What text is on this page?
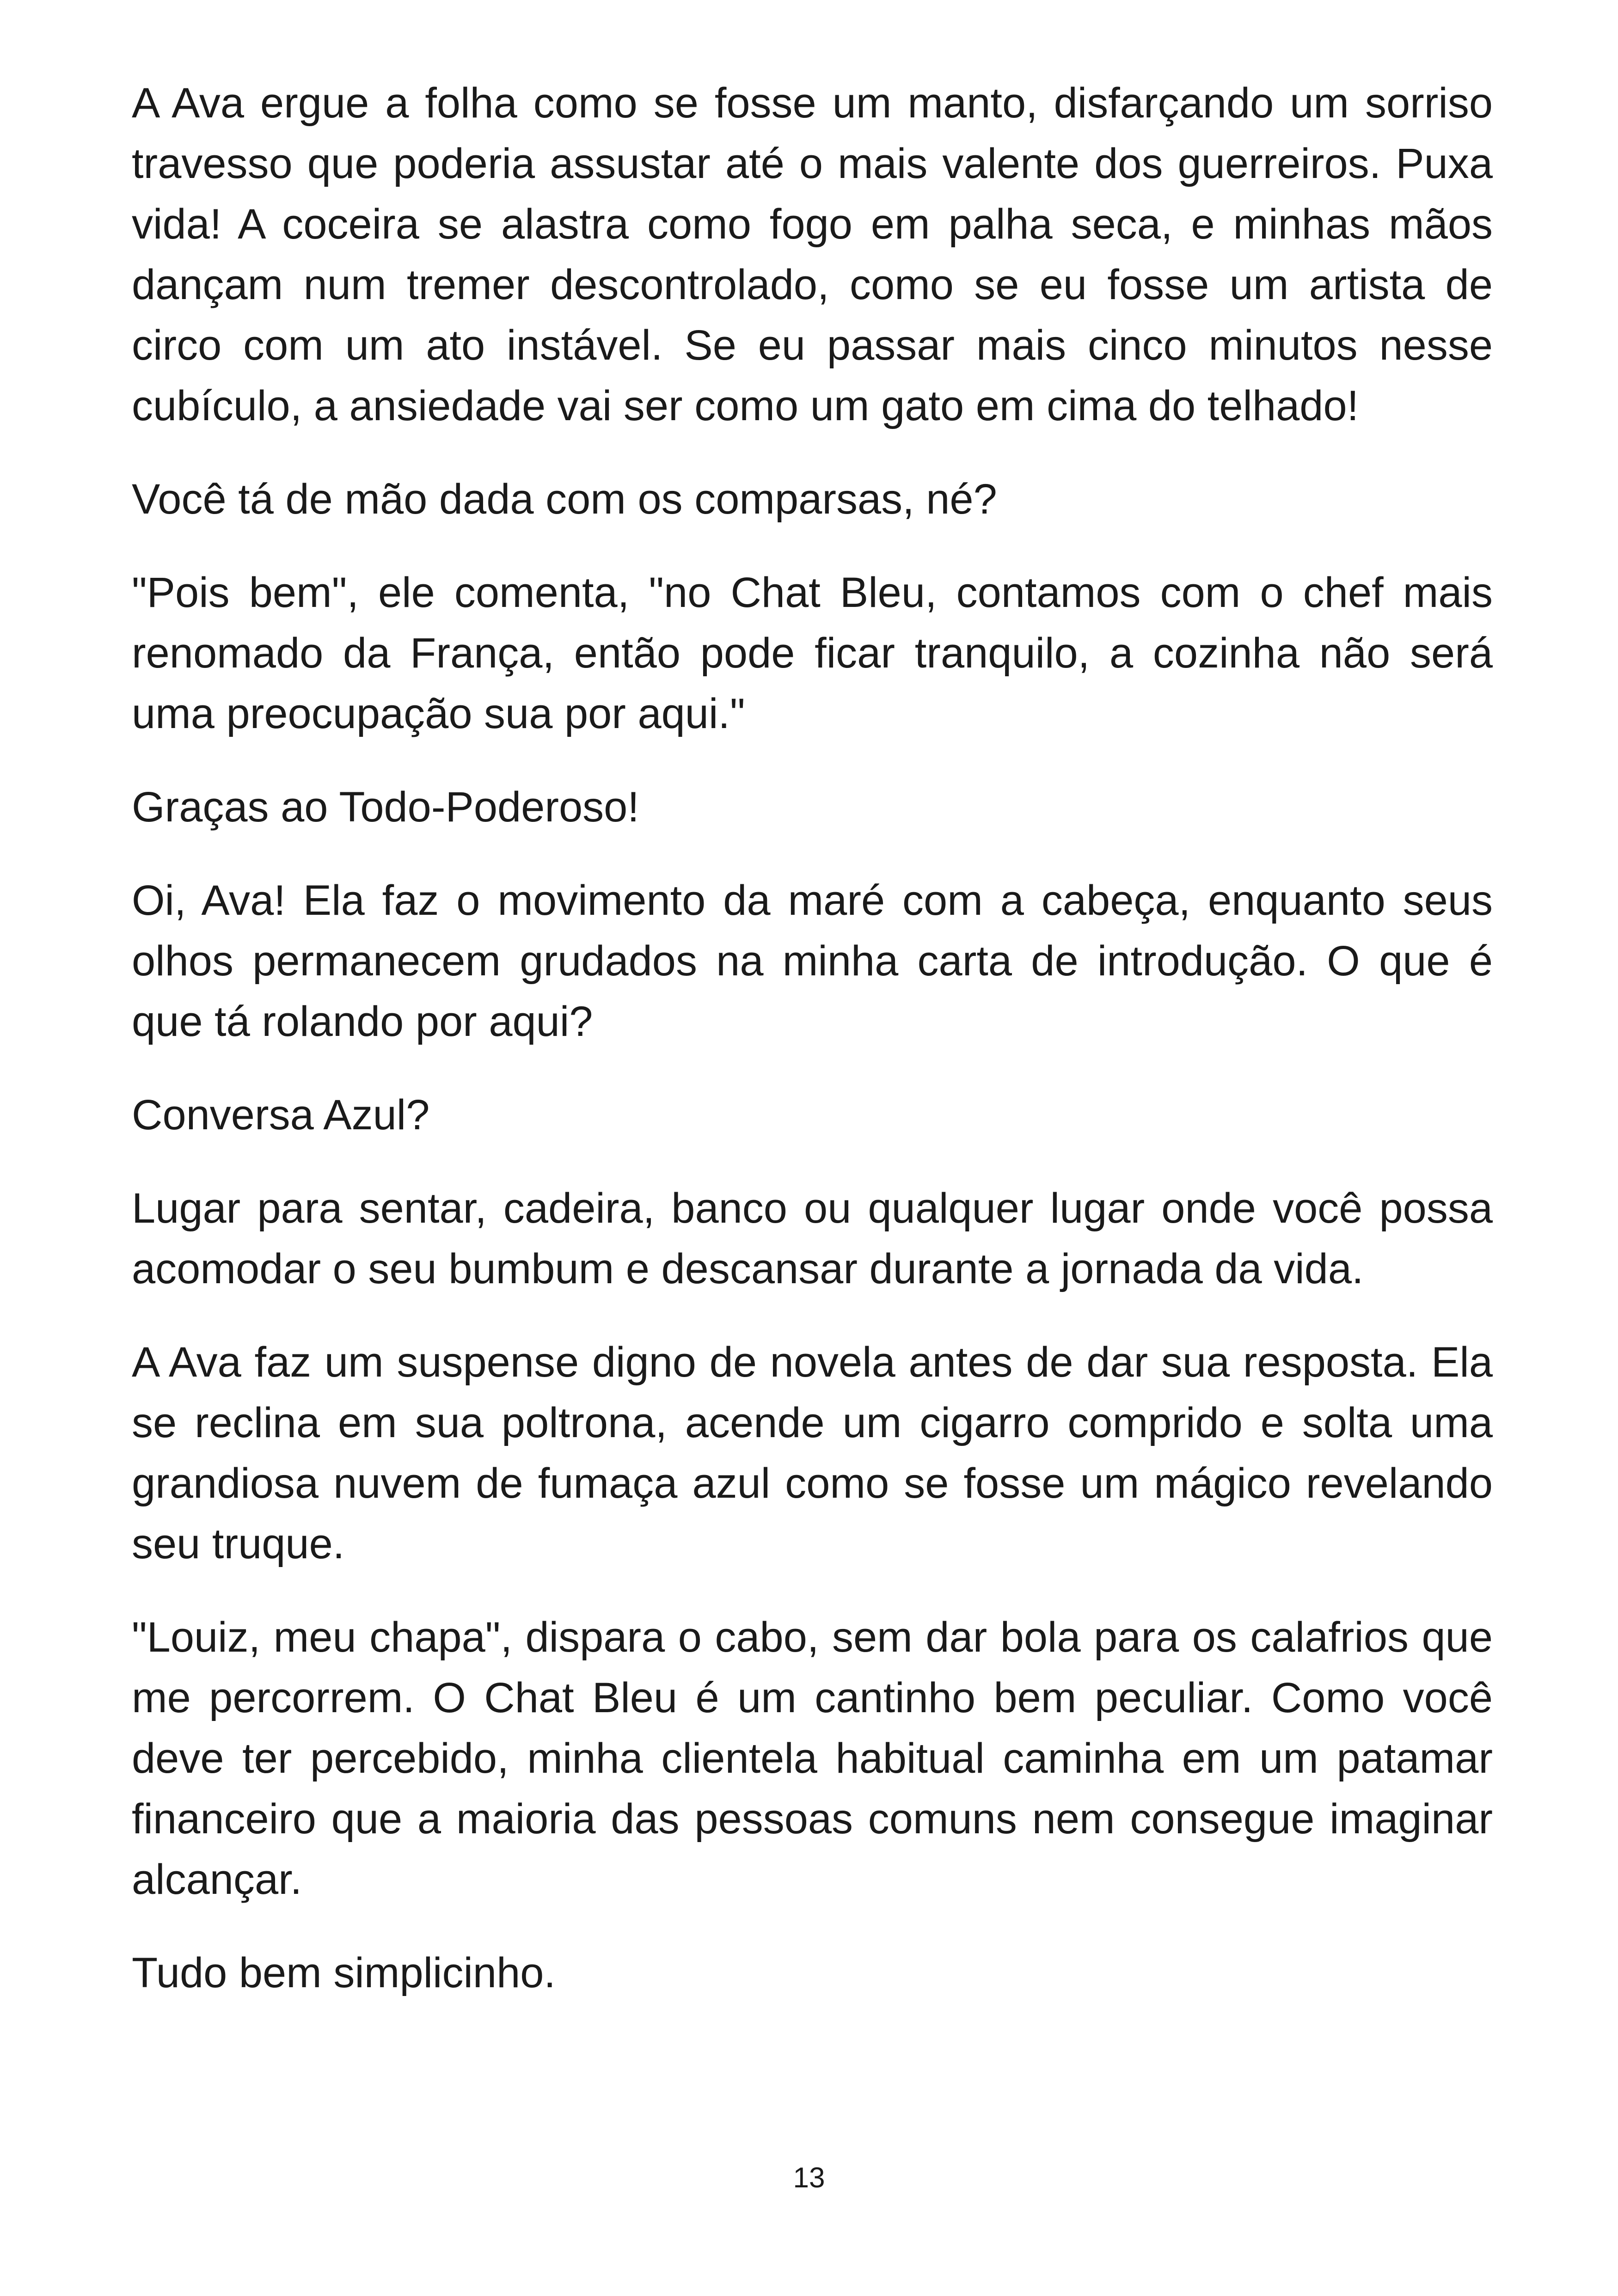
A Ava ergue a folha como se fosse um manto, disfarçando um sorriso travesso que poderia assustar até o mais valente dos guerreiros. Puxa vida! A coceira se alastra como fogo em palha seca, e minhas mãos dançam num tremer descontrolado, como se eu fosse um artista de circo com um ato instável. Se eu passar mais cinco minutos nesse cubículo, a ansiedade vai ser como um gato em cima do telhado!

Você tá de mão dada com os comparsas, né?

"Pois bem", ele comenta, "no Chat Bleu, contamos com o chef mais renomado da França, então pode ficar tranquilo, a cozinha não será uma preocupação sua por aqui."

Graças ao Todo-Poderoso!

Oi, Ava! Ela faz o movimento da maré com a cabeça, enquanto seus olhos permanecem grudados na minha carta de introdução. O que é que tá rolando por aqui?

Conversa Azul?

Lugar para sentar, cadeira, banco ou qualquer lugar onde você possa acomodar o seu bumbum e descansar durante a jornada da vida.

A Ava faz um suspense digno de novela antes de dar sua resposta. Ela se reclina em sua poltrona, acende um cigarro comprido e solta uma grandiosa nuvem de fumaça azul como se fosse um mágico revelando seu truque.

"Louiz, meu chapa", dispara o cabo, sem dar bola para os calafrios que me percorrem. O Chat Bleu é um cantinho bem peculiar. Como você deve ter percebido, minha clientela habitual caminha em um patamar financeiro que a maioria das pessoas comuns nem consegue imaginar alcançar.

Tudo bem simplicinho.

13
